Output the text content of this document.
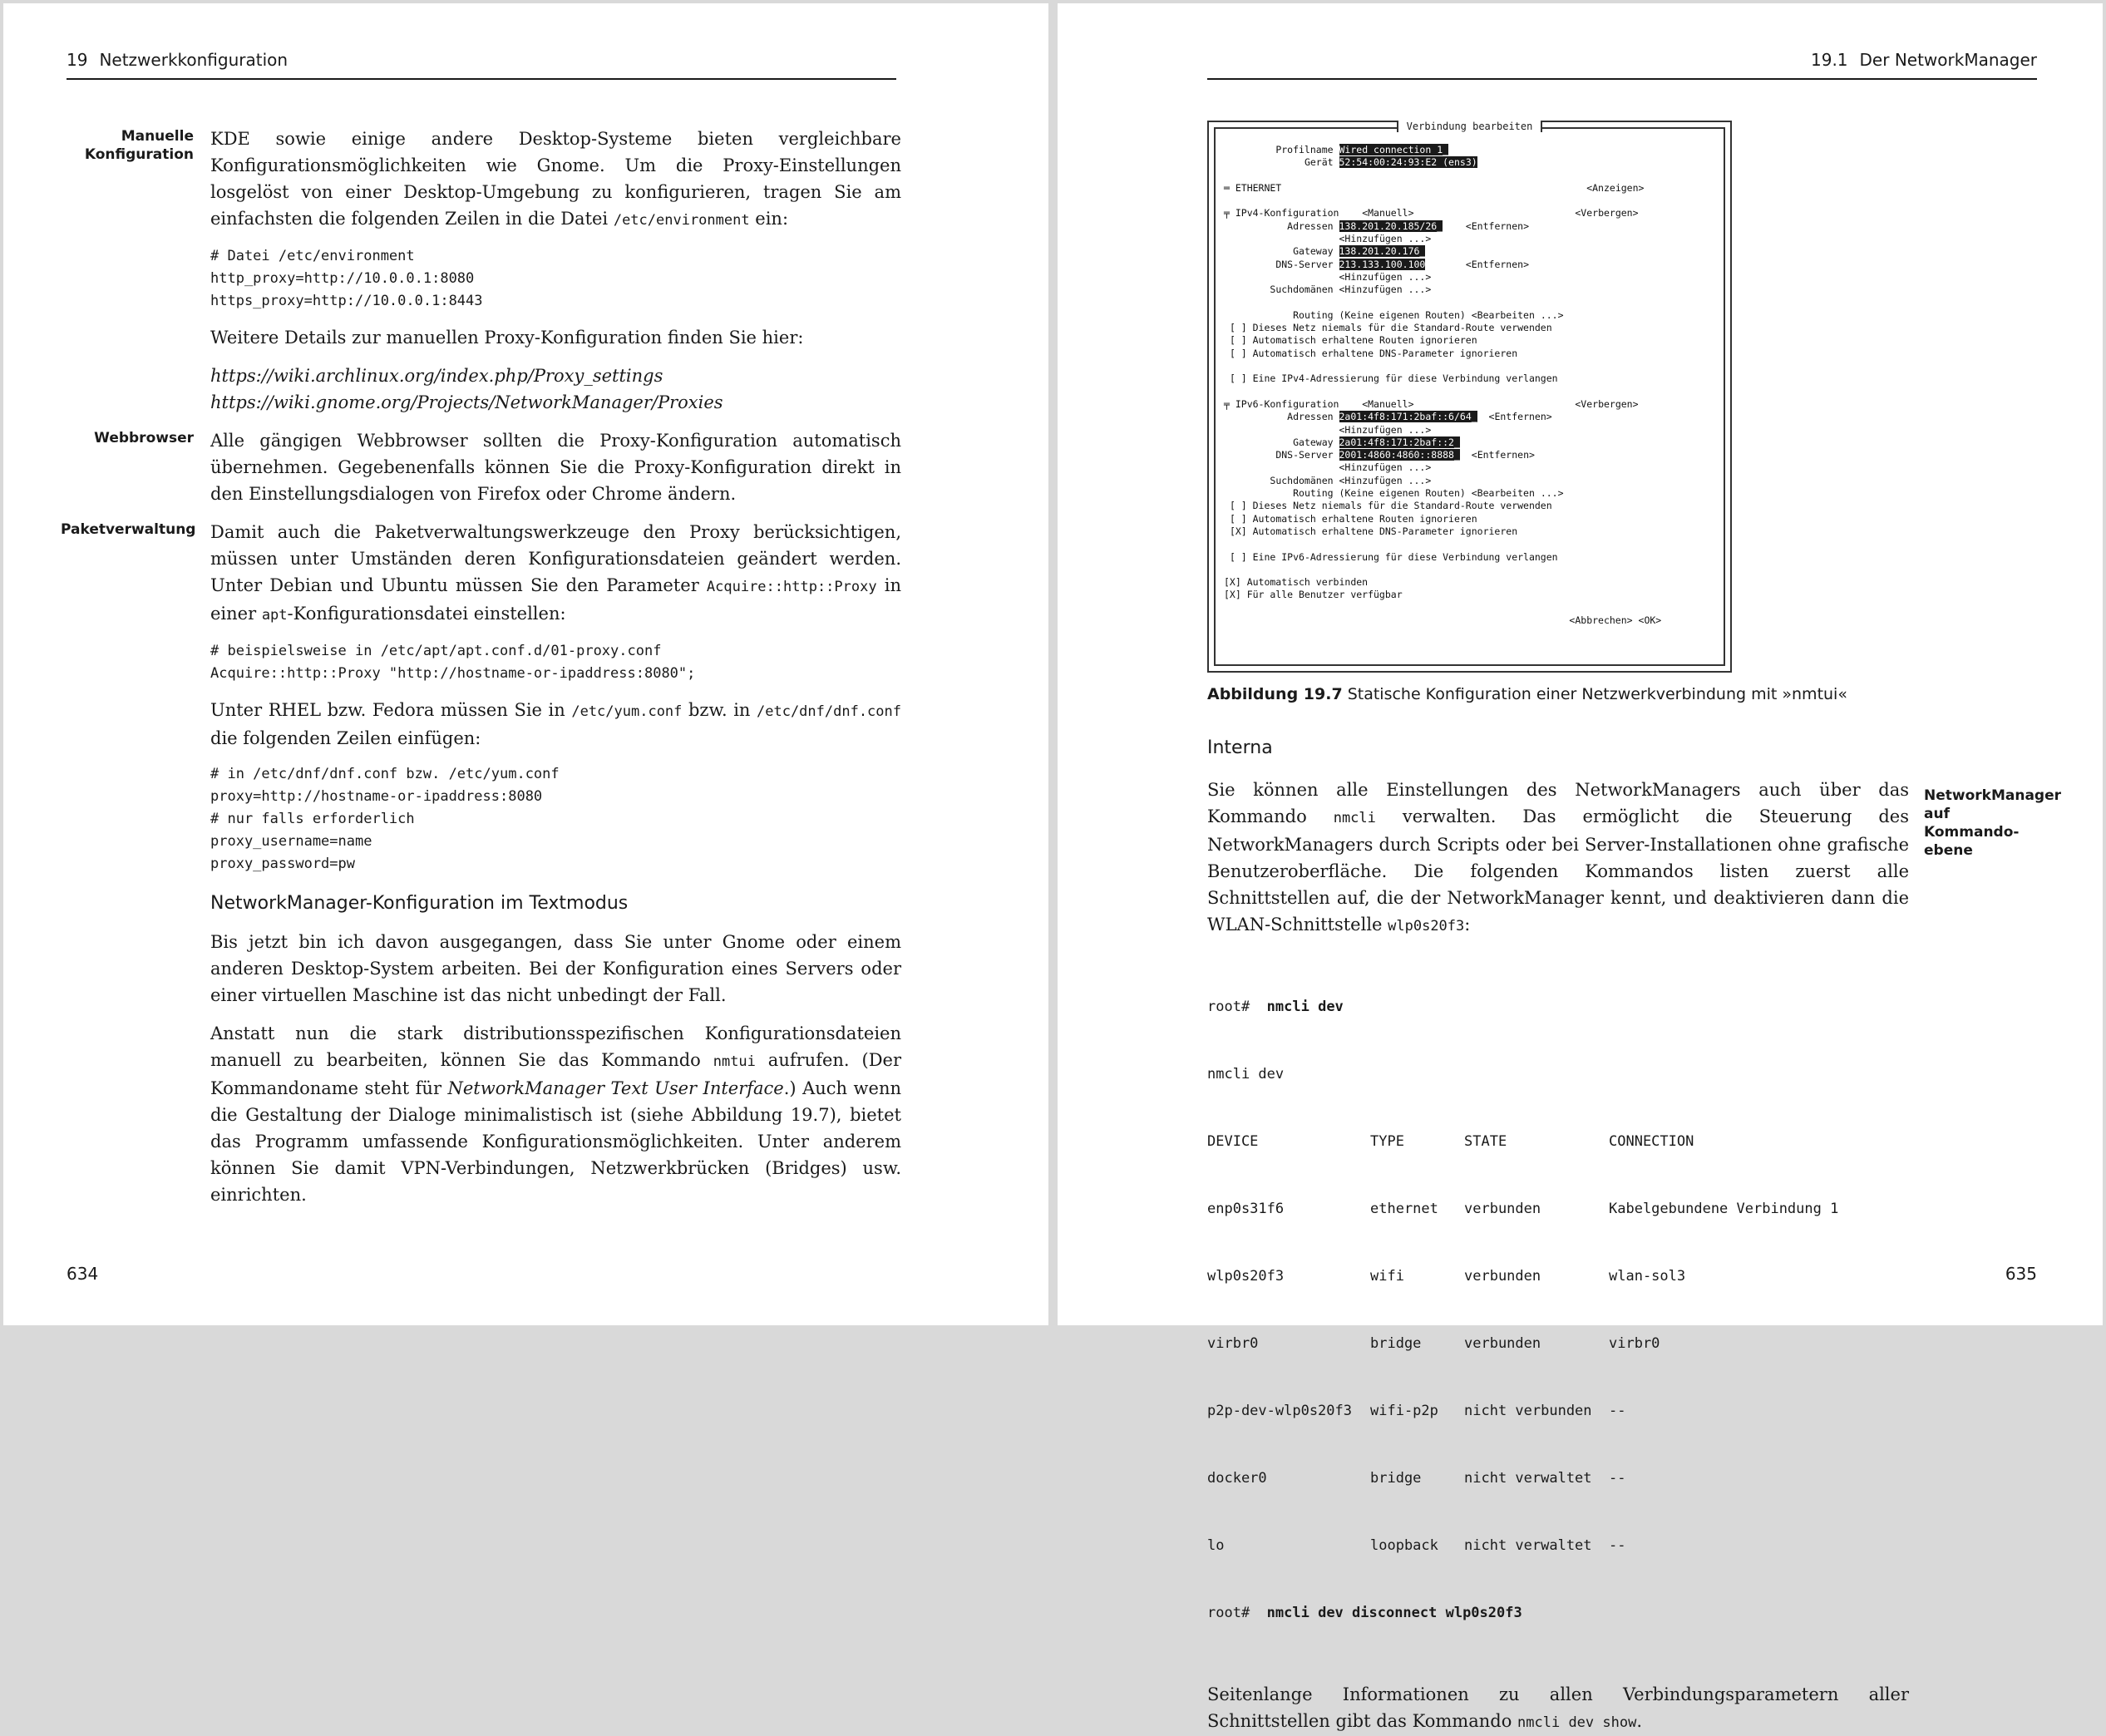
19 Netzwerkkonfiguration
Manuelle
Konfiguration

KDE sowie einige andere Desktop-Systeme bieten vergleichbare Konfigurationsmöglichkeiten wie Gnome. Um die Proxy-Einstellungen losgelöst von einer Desktop-Umgebung zu konfigurieren, tragen Sie am einfachsten die folgenden Zeilen in die Datei /etc/environment ein:

# Datei /etc/environment
http_proxy=http://10.0.0.1:8080
https_proxy=http://10.0.0.1:8443

Weitere Details zur manuellen Proxy-Konfiguration finden Sie hier:

https://wiki.archlinux.org/index.php/Proxy_settings
https://wiki.gnome.org/Projects/NetworkManager/Proxies
Webbrowser Alle gängigen Webbrowser sollten die Proxy-Konfiguration automatisch übernehmen. Gegebenenfalls können Sie die Proxy-Konfiguration direkt in den Einstellungsdialogen von Firefox oder Chrome ändern.

Paketverwaltung Damit auch die Paketverwaltungswerkzeuge den Proxy berücksichtigen, müssen unter Umständen deren Konfigurationsdateien geändert werden. Unter Debian und Ubuntu müssen Sie den Parameter Acquire::http::Proxy in einer apt-Konfigurationsdatei einstellen:

# beispielsweise in /etc/apt/apt.conf.d/01-proxy.conf
Acquire::http::Proxy "http://hostname-or-ipaddress:8080";

Unter RHEL bzw. Fedora müssen Sie in /etc/yum.conf bzw. in /etc/dnf/dnf.conf die folgenden Zeilen einfügen:

# in /etc/dnf/dnf.conf bzw. /etc/yum.conf
proxy=http://hostname-or-ipaddress:8080
# nur falls erforderlich
proxy_username=name
proxy_password=pw
NetworkManager-Konfiguration im Textmodus

Bis jetzt bin ich davon ausgegangen, dass Sie unter Gnome oder einem anderen Desktop-System arbeiten. Bei der Konfiguration eines Servers oder einer virtuellen Maschine ist das nicht unbedingt der Fall.

Anstatt nun die stark distributionsspezifischen Konfigurationsdateien manuell zu bearbeiten, können Sie das Kommando nmtui aufrufen. (Der Kommandoname steht für NetworkManager Text User Interface.) Auch wenn die Gestaltung der Dialoge minimalistisch ist (siehe Abbildung 19.7), bietet das Programm umfassende Konfigurationsmöglichkeiten. Unter anderem können Sie damit VPN-Verbindungen, Netzwerkbrücken (Bridges) usw. einrichten.

634
19.1 Der NetworkManager
Verbindung bearbeiten
Profilname Wired connection 1_
Gerät 52:54:00:24:93:E2 (ens3)

═ ETHERNET	<Anzeigen>

╤ IPv4-Konfiguration <Manuell>	<Verbergen>
Adressen 138.201.20.185/26_ <Entfernen>
<Hinzufügen ...>
Gateway 138.201.20.176_
DNS-Server 213.133.100.100	<Entfernen>
<Hinzufügen ...>
Suchdomänen <Hinzufügen ...>

Routing (Keine eigenen Routen) <Bearbeiten ...>
[ ] Dieses Netz niemals für die Standard-Route verwenden
[ ] Automatisch erhaltene Routen ignorieren
[ ] Automatisch erhaltene DNS-Parameter ignorieren

[ ] Eine IPv4-Adressierung für diese Verbindung verlangen

╤ IPv6-Konfiguration <Manuell>	<Verbergen>
Adressen 2a01:4f8:171:2baf::6/64_ <Entfernen>
<Hinzufügen ...>
Gateway 2a01:4f8:171:2baf::2_
DNS-Server 2001:4860:4860::8888_ <Entfernen>
<Hinzufügen ...>
Suchdomänen <Hinzufügen ...>
Routing (Keine eigenen Routen) <Bearbeiten ...>
[ ] Dieses Netz niemals für die Standard-Route verwenden
[ ] Automatisch erhaltene Routen ignorieren
[X] Automatisch erhaltene DNS-Parameter ignorieren

[ ] Eine IPv6-Adressierung für diese Verbindung verlangen

[X] Automatisch verbinden
[X] Für alle Benutzer verfügbar

<Abbrechen> <OK>
Abbildung 19.7 Statische Konfiguration einer Netzwerkverbindung mit »nmtui«
Interna
NetworkManager
auf Kommando-
ebene

Sie können alle Einstellungen des NetworkManagers auch über das Kommando nmcli verwalten. Das ermöglicht die Steuerung des NetworkManagers durch Scripts oder bei Server-Installationen ohne grafische Benutzeroberfläche. Die folgenden Kommandos listen zuerst alle Schnittstellen auf, die der NetworkManager kennt, und deaktivieren dann die WLAN-Schnittstelle wlp0s20f3:

root# nmcli dev

nmcli dev

DEVICE	TYPE	STATE	CONNECTION

enp0s31f6	ethernet	verbunden	Kabelgebundene Verbindung 1

wlp0s20f3	wifi	verbunden	wlan-sol3

virbr0	bridge	verbunden	virbr0

p2p-dev-wlp0s20f3	wifi-p2p	nicht verbunden	--

docker0	bridge	nicht verwaltet	--

lo	loopback	nicht verwaltet	--

root# nmcli dev disconnect wlp0s20f3

Seitenlange Informationen zu allen Verbindungsparametern aller Schnittstellen gibt das Kommando nmcli dev show.

635
